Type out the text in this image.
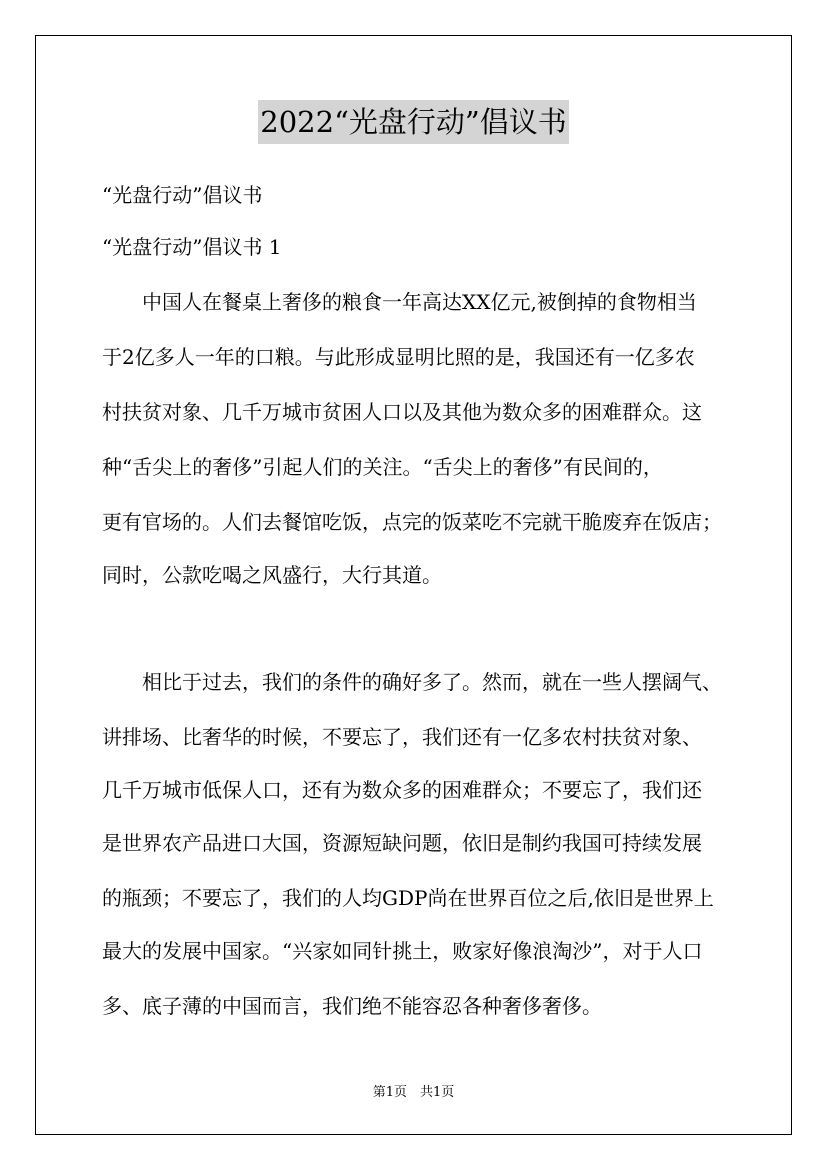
2022“光盘行动”倡议书
“光盘行动”倡议书
“光盘行动”倡议书 1
　　中国人在餐桌上奢侈的粮食一年高达XX亿元,被倒掉的食物相当
于2亿多人一年的口粮。与此形成显明比照的是，我国还有一亿多农
村扶贫对象、几千万城市贫困人口以及其他为数众多的困难群众。这
种“舌尖上的奢侈”引起人们的关注。“舌尖上的奢侈”有民间的，
更有官场的。人们去餐馆吃饭，点完的饭菜吃不完就干脆废弃在饭店；
同时，公款吃喝之风盛行，大行其道。
　　相比于过去，我们的条件的确好多了。然而，就在一些人摆阔气、
讲排场、比奢华的时候，不要忘了，我们还有一亿多农村扶贫对象、
几千万城市低保人口，还有为数众多的困难群众；不要忘了，我们还
是世界农产品进口大国，资源短缺问题，依旧是制约我国可持续发展
的瓶颈；不要忘了，我们的人均GDP尚在世界百位之后,依旧是世界上
最大的发展中国家。“兴家如同针挑土，败家好像浪淘沙”，对于人口
多、底子薄的中国而言，我们绝不能容忍各种奢侈奢侈。
第1页　共1页
